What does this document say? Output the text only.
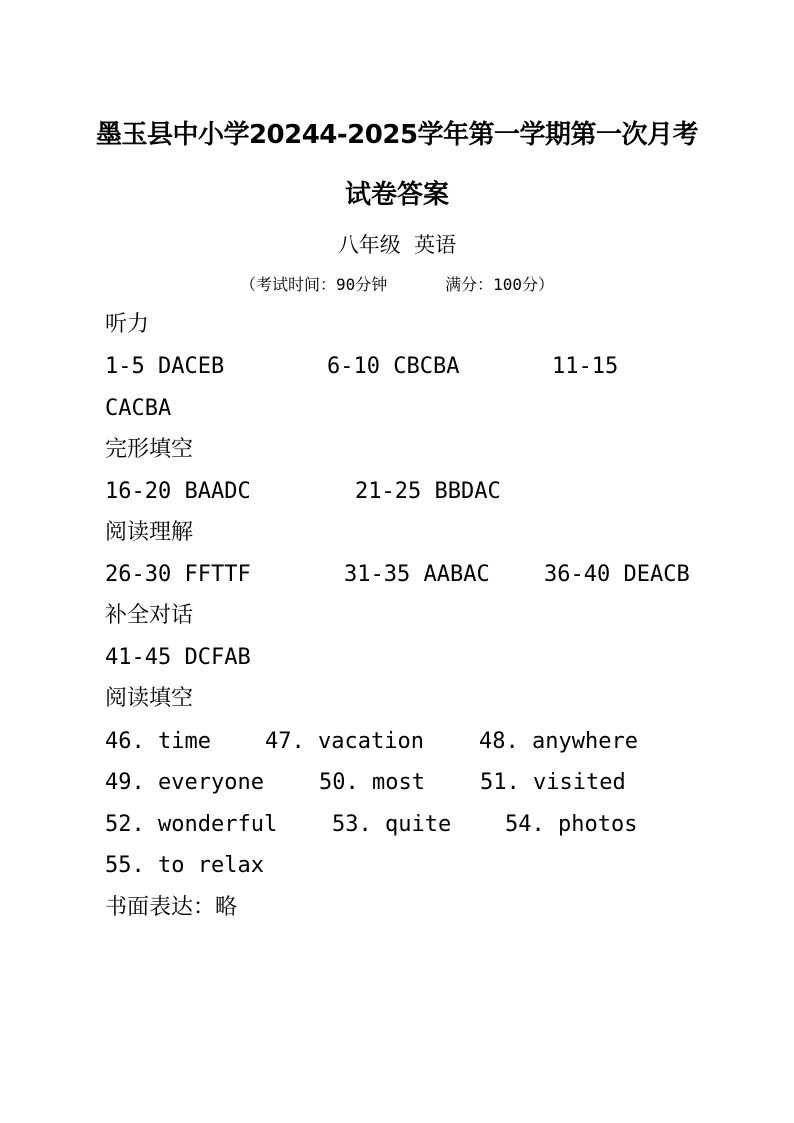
墨玉县中小学20244-2025学年第一学期第一次月考
试卷答案
八年级  英语
（考试时间：90分钟      满分：100分）
听力
1-5 DACEB	6-10 CBCBA	11-15
CACBA
完形填空
16-20 BAADC	21-25 BBDAC
阅读理解
26-30 FFTTF	31-35 AABAC 36-40 DEACB
补全对话
41-45 DCFAB
阅读填空
46. time 47. vacation	48. anywhere
49. everyone	50. most	51. visited
52. wonderful 53. quite 54. photos
55. to relax
书面表达：略
